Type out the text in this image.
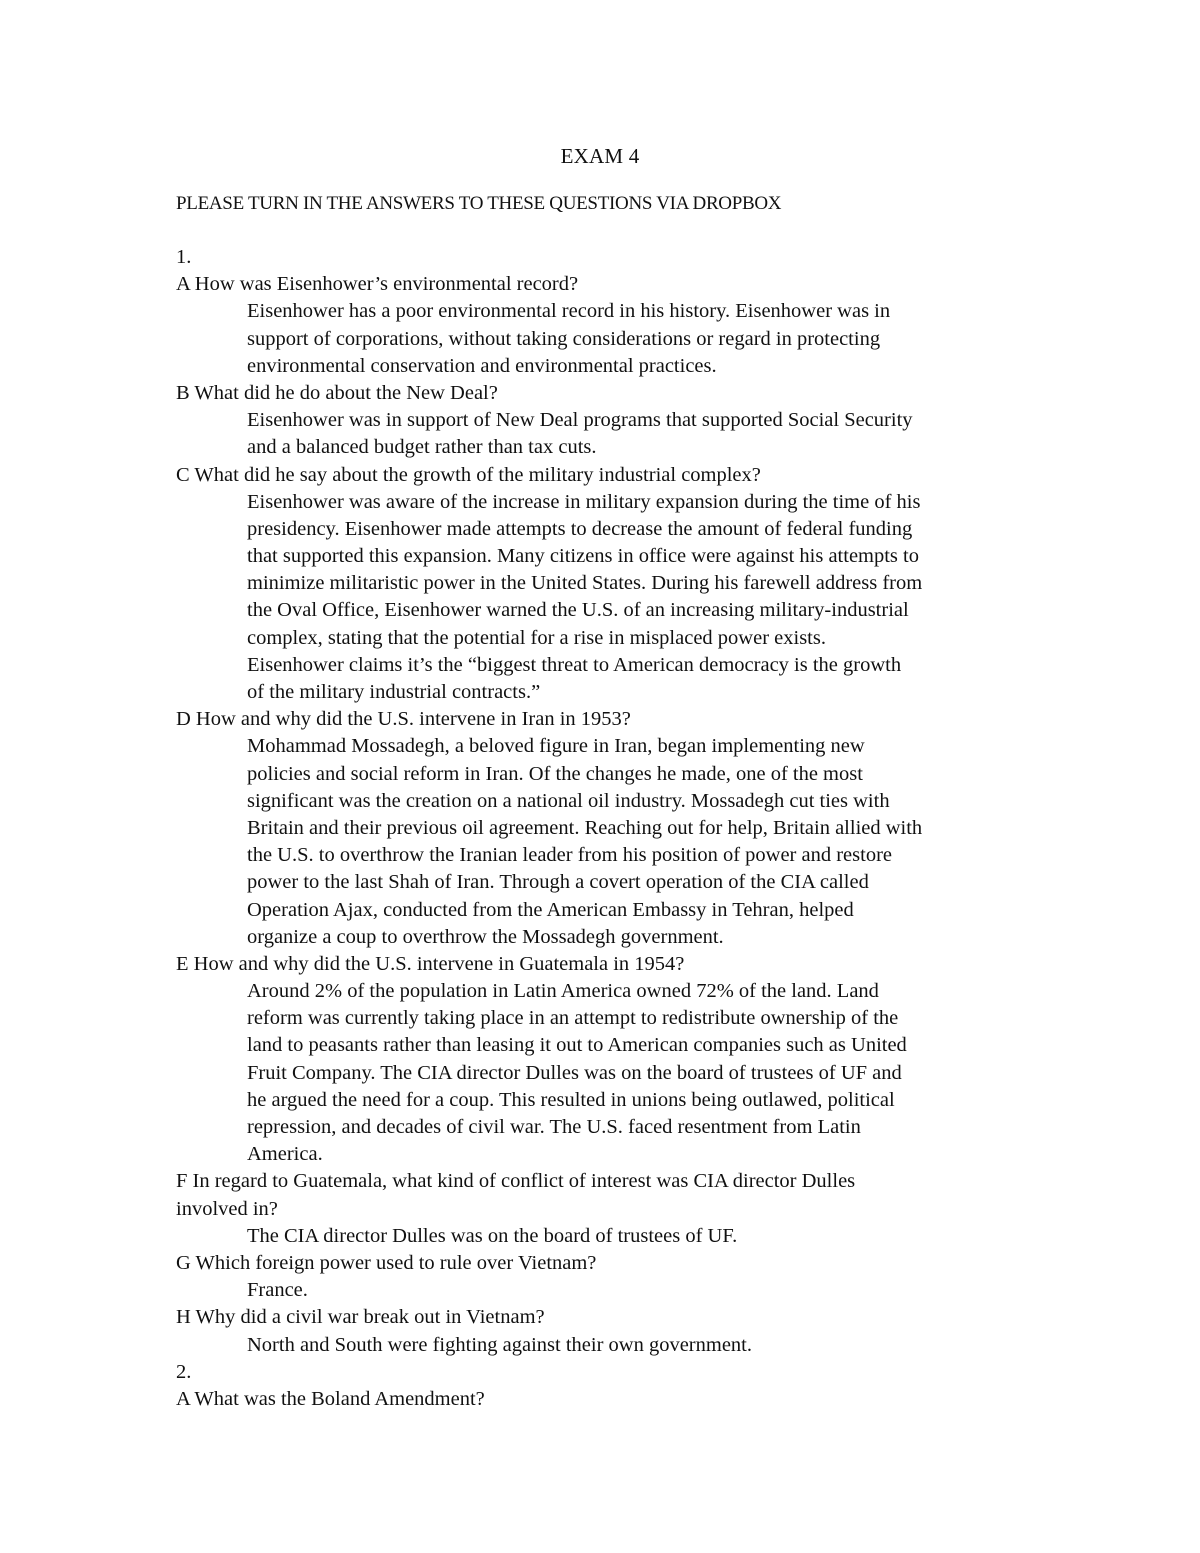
EXAM 4
PLEASE TURN IN THE ANSWERS TO THESE QUESTIONS VIA DROPBOX
1.
A How was Eisenhower’s environmental record?
Eisenhower has a poor environmental record in his history. Eisenhower was in
support of corporations, without taking considerations or regard in protecting
environmental conservation and environmental practices.
B What did he do about the New Deal?
Eisenhower was in support of New Deal programs that supported Social Security
and a balanced budget rather than tax cuts.
C What did he say about the growth of the military industrial complex?
Eisenhower was aware of the increase in military expansion during the time of his
presidency. Eisenhower made attempts to decrease the amount of federal funding
that supported this expansion. Many citizens in office were against his attempts to
minimize militaristic power in the United States. During his farewell address from
the Oval Office, Eisenhower warned the U.S. of an increasing military-industrial
complex, stating that the potential for a rise in misplaced power exists.
Eisenhower claims it’s the “biggest threat to American democracy is the growth
of the military industrial contracts.”
D How and why did the U.S. intervene in Iran in 1953?
Mohammad Mossadegh, a beloved figure in Iran, began implementing new
policies and social reform in Iran. Of the changes he made, one of the most
significant was the creation on a national oil industry. Mossadegh cut ties with
Britain and their previous oil agreement. Reaching out for help, Britain allied with
the U.S. to overthrow the Iranian leader from his position of power and restore
power to the last Shah of Iran. Through a covert operation of the CIA called
Operation Ajax, conducted from the American Embassy in Tehran, helped
organize a coup to overthrow the Mossadegh government.
E How and why did the U.S. intervene in Guatemala in 1954?
Around 2% of the population in Latin America owned 72% of the land. Land
reform was currently taking place in an attempt to redistribute ownership of the
land to peasants rather than leasing it out to American companies such as United
Fruit Company. The CIA director Dulles was on the board of trustees of UF and
he argued the need for a coup. This resulted in unions being outlawed, political
repression, and decades of civil war. The U.S. faced resentment from Latin
America.
F In regard to Guatemala, what kind of conflict of interest was CIA director Dulles
involved in?
The CIA director Dulles was on the board of trustees of UF.
G Which foreign power used to rule over Vietnam?
France.
H Why did a civil war break out in Vietnam?
North and South were fighting against their own government.
2.
A What was the Boland Amendment?
